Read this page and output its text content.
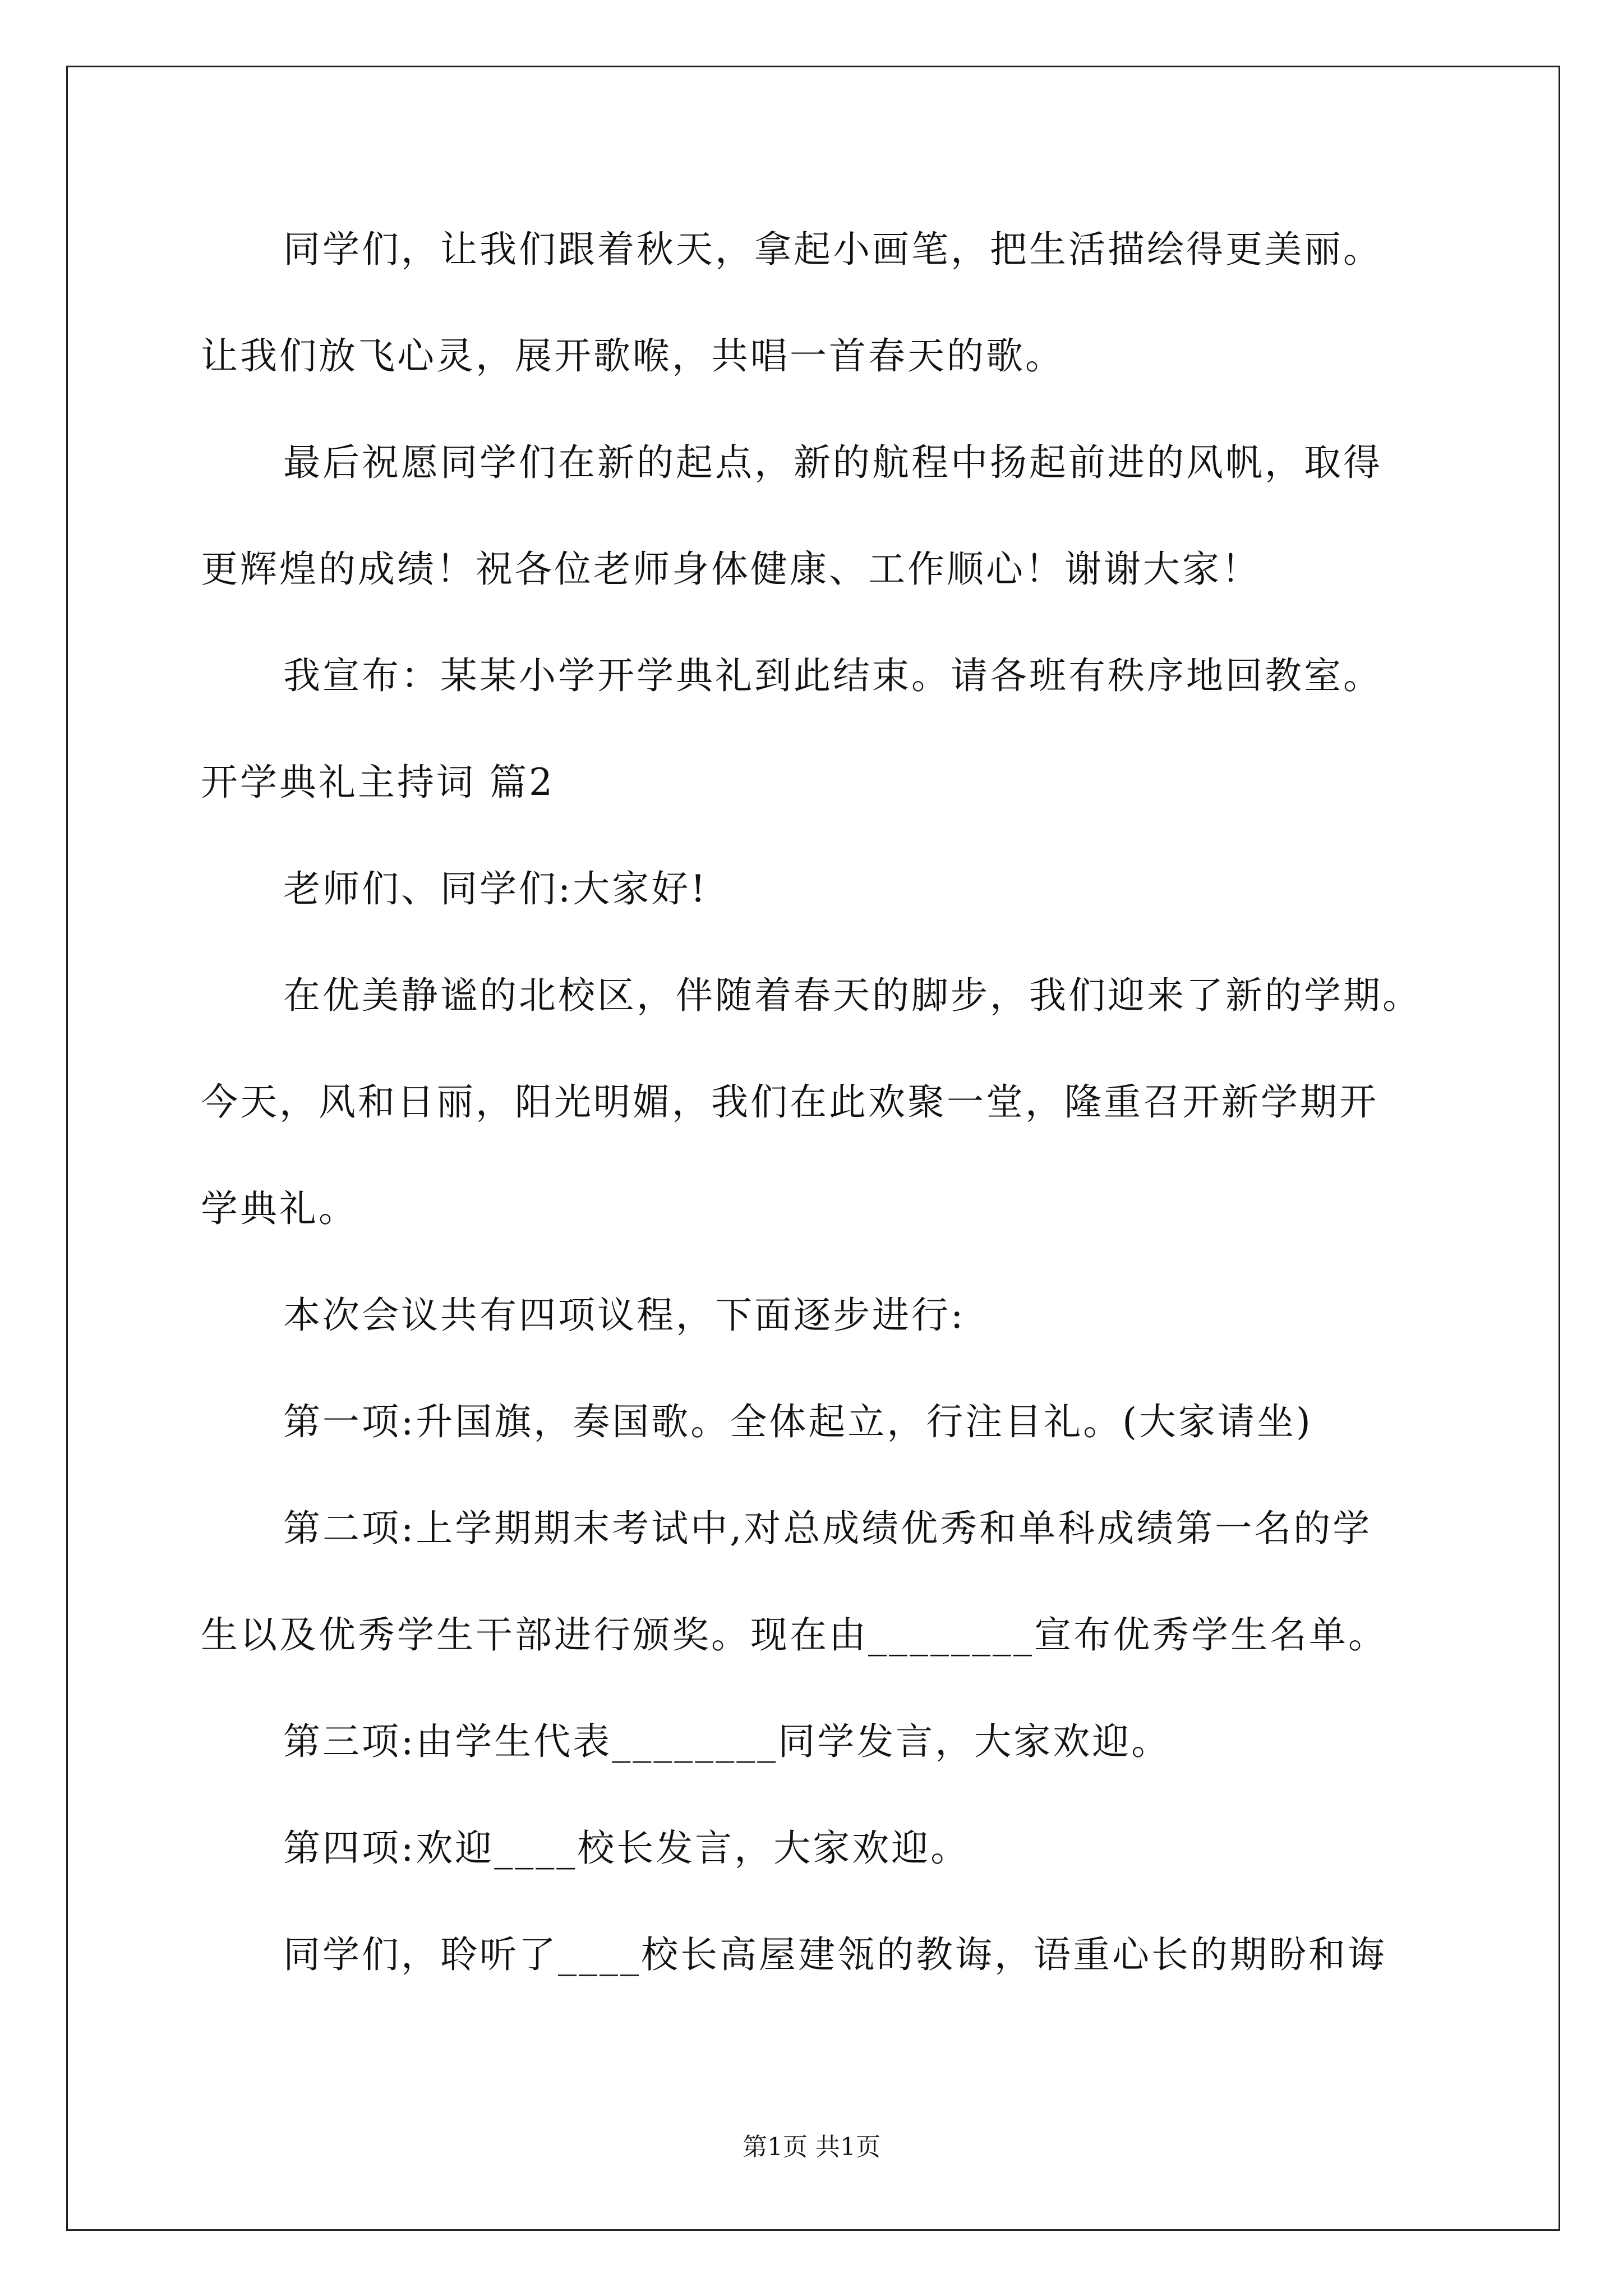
同学们，让我们跟着秋天，拿起小画笔，把生活描绘得更美丽。
让我们放飞心灵，展开歌喉，共唱一首春天的歌。
最后祝愿同学们在新的起点，新的航程中扬起前进的风帆，取得
更辉煌的成绩！祝各位老师身体健康、工作顺心！谢谢大家！
我宣布：某某小学开学典礼到此结束。请各班有秩序地回教室。
开学典礼主持词 篇2
老师们、同学们:大家好!
在优美静谧的北校区，伴随着春天的脚步，我们迎来了新的学期。
今天，风和日丽，阳光明媚，我们在此欢聚一堂，隆重召开新学期开
学典礼。
本次会议共有四项议程，下面逐步进行:
第一项:升国旗，奏国歌。全体起立，行注目礼。(大家请坐)
第二项:上学期期末考试中,对总成绩优秀和单科成绩第一名的学
生以及优秀学生干部进行颁奖。现在由________宣布优秀学生名单。
第三项:由学生代表________同学发言，大家欢迎。
第四项:欢迎____校长发言，大家欢迎。
同学们，聆听了____校长高屋建瓴的教诲，语重心长的期盼和诲
第1页 共1页
